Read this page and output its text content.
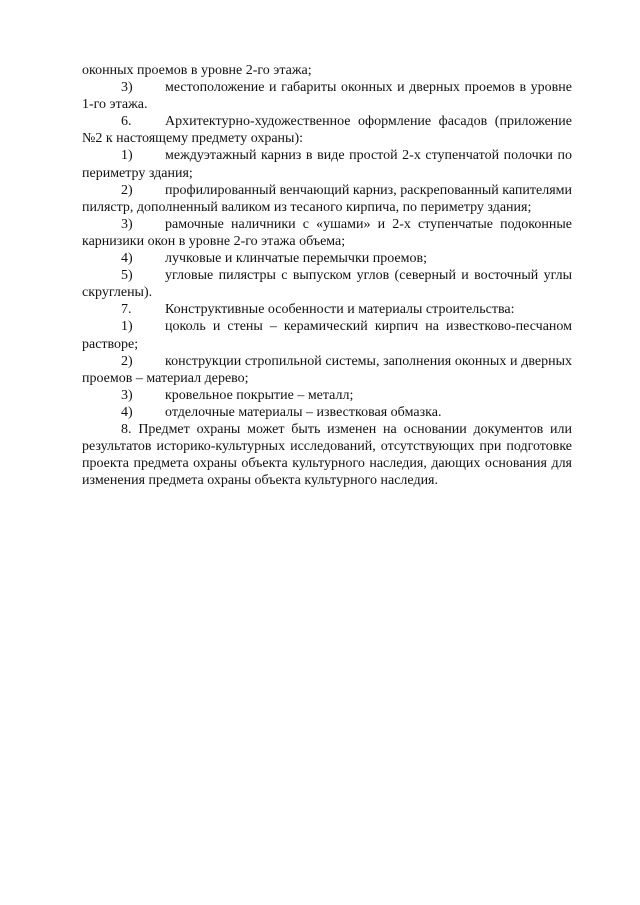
оконных проемов в уровне 2-го этажа;

3) местоположение и габариты оконных и дверных проемов в уровне 1-го этажа.

6. Архитектурно-художественное оформление фасадов (приложение №2 к настоящему предмету охраны):

1) междуэтажный карниз в виде простой 2-х ступенчатой полочки по периметру здания;

2) профилированный венчающий карниз, раскрепованный капителями пилястр, дополненный валиком из тесаного кирпича, по периметру здания;

3) рамочные наличники с «ушами» и 2-х ступенчатые подоконные карнизики окон в уровне 2-го этажа объема;

4) лучковые и клинчатые перемычки проемов;

5) угловые пилястры с выпуском углов (северный и восточный углы скруглены).

7. Конструктивные особенности и материалы строительства:

1) цоколь и стены – керамический кирпич на известково-песчаном растворе;

2) конструкции стропильной системы, заполнения оконных и дверных проемов – материал дерево;

3) кровельное покрытие – металл;

4) отделочные материалы – известковая обмазка.

8. Предмет охраны может быть изменен на основании документов или результатов историко-культурных исследований, отсутствующих при подготовке проекта предмета охраны объекта культурного наследия, дающих основания для изменения предмета охраны объекта культурного наследия.
